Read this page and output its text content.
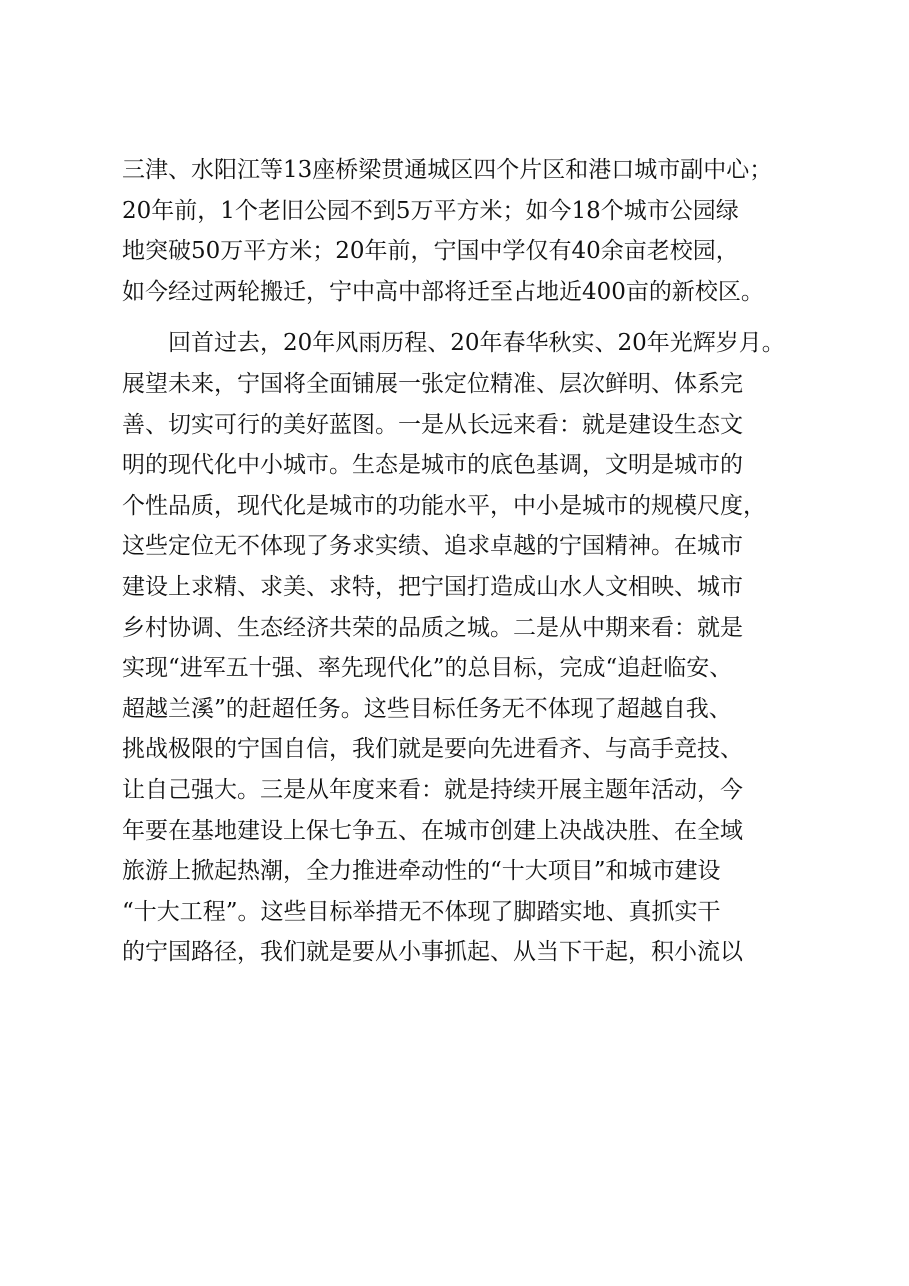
三津、水阳江等13座桥梁贯通城区四个片区和港口城市副中心；
20年前，1个老旧公园不到5万平方米；如今18个城市公园绿
地突破50万平方米；20年前，宁国中学仅有40余亩老校园，
如今经过两轮搬迁，宁中高中部将迁至占地近400亩的新校区。
　　回首过去，20年风雨历程、20年春华秋实、20年光辉岁月。
展望未来，宁国将全面铺展一张定位精准、层次鲜明、体系完
善、切实可行的美好蓝图。一是从长远来看：就是建设生态文
明的现代化中小城市。生态是城市的底色基调，文明是城市的
个性品质，现代化是城市的功能水平，中小是城市的规模尺度，
这些定位无不体现了务求实绩、追求卓越的宁国精神。在城市
建设上求精、求美、求特，把宁国打造成山水人文相映、城市
乡村协调、生态经济共荣的品质之城。二是从中期来看：就是
实现“进军五十强、率先现代化”的总目标，完成“追赶临安、
超越兰溪”的赶超任务。这些目标任务无不体现了超越自我、
挑战极限的宁国自信，我们就是要向先进看齐、与高手竞技、
让自己强大。三是从年度来看：就是持续开展主题年活动，今
年要在基地建设上保七争五、在城市创建上决战决胜、在全域
旅游上掀起热潮，全力推进牵动性的“十大项目”和城市建设
“十大工程”。这些目标举措无不体现了脚踏实地、真抓实干
的宁国路径，我们就是要从小事抓起、从当下干起，积小流以
